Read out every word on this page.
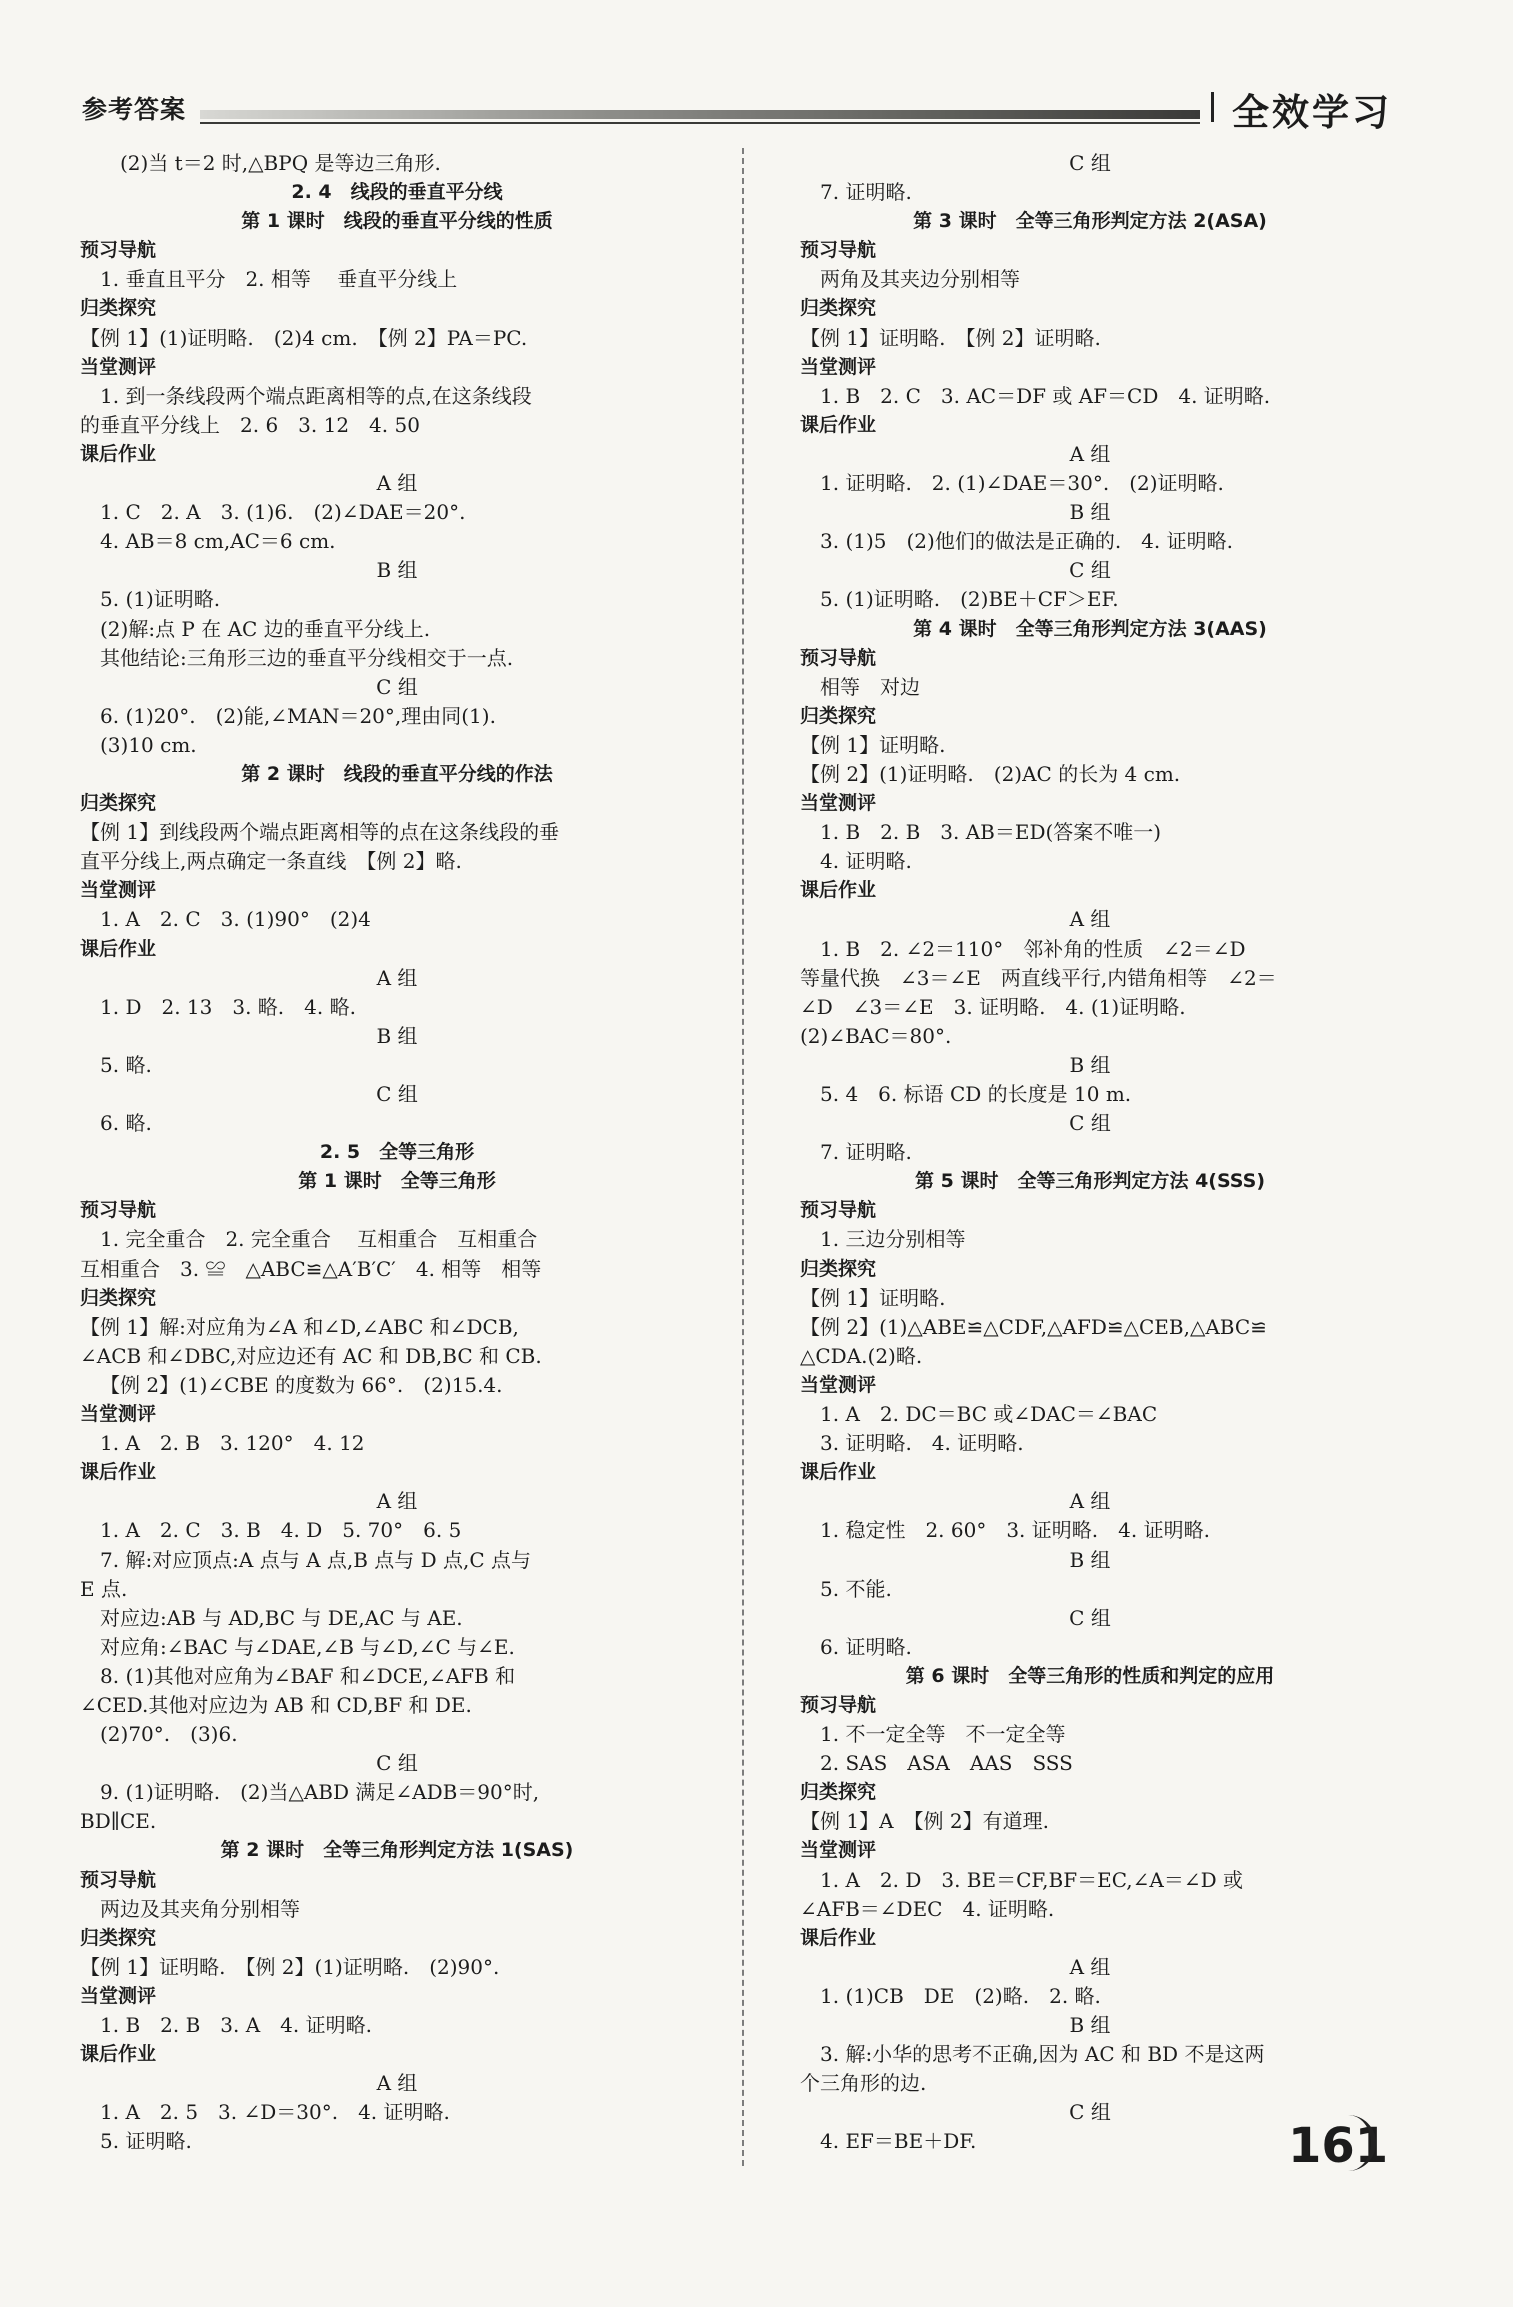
参考答案	全效学习
(2)当 t＝2 时,△BPQ 是等边三角形.
2. 4　线段的垂直平分线
第 1 课时　线段的垂直平分线的性质
预习导航
1. 垂直且平分　2. 相等　 垂直平分线上
归类探究
【例 1】(1)证明略.　(2)4 cm.　【例 2】PA＝PC.
当堂测评
1. 到一条线段两个端点距离相等的点,在这条线段
的垂直平分线上　2. 6　3. 12　4. 50
课后作业
A 组
1. C　2. A　3. (1)6.　(2)∠DAE＝20°.
4. AB＝8 cm,AC＝6 cm.
B 组
5. (1)证明略.
(2)解:点 P 在 AC 边的垂直平分线上.
其他结论:三角形三边的垂直平分线相交于一点.
C 组
6. (1)20°.　(2)能,∠MAN＝20°,理由同(1).
(3)10 cm.
第 2 课时　线段的垂直平分线的作法
归类探究
【例 1】到线段两个端点距离相等的点在这条线段的垂
直平分线上,两点确定一条直线　【例 2】略.
当堂测评
1. A　2. C　3. (1)90°　(2)4
课后作业
A 组
1. D　2. 13　3. 略.　4. 略.
B 组
5. 略.
C 组
6. 略.
2. 5　全等三角形
第 1 课时　全等三角形
预习导航
1. 完全重合　2. 完全重合　 互相重合　互相重合
互相重合　3. ≌　△ABC≌△A′B′C′　4. 相等　相等
归类探究
【例 1】解:对应角为∠A 和∠D,∠ABC 和∠DCB,
∠ACB 和∠DBC,对应边还有 AC 和 DB,BC 和 CB.
【例 2】(1)∠CBE 的度数为 66°.　(2)15.4.
当堂测评
1. A　2. B　3. 120°　4. 12
课后作业
A 组
1. A　2. C　3. B　4. D　5. 70°　6. 5
7. 解:对应顶点:A 点与 A 点,B 点与 D 点,C 点与
E 点.
对应边:AB 与 AD,BC 与 DE,AC 与 AE.
对应角:∠BAC 与∠DAE,∠B 与∠D,∠C 与∠E.
8. (1)其他对应角为∠BAF 和∠DCE,∠AFB 和
∠CED.其他对应边为 AB 和 CD,BF 和 DE.
(2)70°.　(3)6.
C 组
9. (1)证明略.　(2)当△ABD 满足∠ADB＝90°时,
BD∥CE.
第 2 课时　全等三角形判定方法 1(SAS)
预习导航
两边及其夹角分别相等
归类探究
【例 1】证明略.　【例 2】(1)证明略.　(2)90°.
当堂测评
1. B　2. B　3. A　4. 证明略.
课后作业
A 组
1. A　2. 5　3. ∠D＝30°.　4. 证明略.
5. 证明略.
C 组
7. 证明略.
第 3 课时　全等三角形判定方法 2(ASA)
预习导航
两角及其夹边分别相等
归类探究
【例 1】证明略.　【例 2】证明略.
当堂测评
1. B　2. C　3. AC＝DF 或 AF＝CD　4. 证明略.
课后作业
A 组
1. 证明略.　2. (1)∠DAE＝30°.　(2)证明略.
B 组
3. (1)5　(2)他们的做法是正确的.　4. 证明略.
C 组
5. (1)证明略.　(2)BE＋CF＞EF.
第 4 课时　全等三角形判定方法 3(AAS)
预习导航
相等　对边
归类探究
【例 1】证明略.
【例 2】(1)证明略.　(2)AC 的长为 4 cm.
当堂测评
1. B　2. B　3. AB＝ED(答案不唯一)
4. 证明略.
课后作业
A 组
1. B　2. ∠2＝110°　邻补角的性质　∠2＝∠D
等量代换　∠3＝∠E　两直线平行,内错角相等　∠2＝
∠D　∠3＝∠E　3. 证明略.　4. (1)证明略.
(2)∠BAC＝80°.
B 组
5. 4　6. 标语 CD 的长度是 10 m.
C 组
7. 证明略.
第 5 课时　全等三角形判定方法 4(SSS)
预习导航
1. 三边分别相等
归类探究
【例 1】证明略.
【例 2】(1)△ABE≌△CDF,△AFD≌△CEB,△ABC≌
△CDA.(2)略.
当堂测评
1. A　2. DC＝BC 或∠DAC＝∠BAC
3. 证明略.　4. 证明略.
课后作业
A 组
1. 稳定性　2. 60°　3. 证明略.　4. 证明略.
B 组
5. 不能.
C 组
6. 证明略.
第 6 课时　全等三角形的性质和判定的应用
预习导航
1. 不一定全等　不一定全等
2. SAS　ASA　AAS　SSS
归类探究
【例 1】A　【例 2】有道理.
当堂测评
1. A　2. D　3. BE＝CF,BF＝EC,∠A＝∠D 或
∠AFB＝∠DEC　4. 证明略.
课后作业
A 组
1. (1)CB　DE　(2)略.　2. 略.
B 组
3. 解:小华的思考不正确,因为 AC 和 BD 不是这两
个三角形的边.
C 组
4. EF＝BE＋DF.	161
